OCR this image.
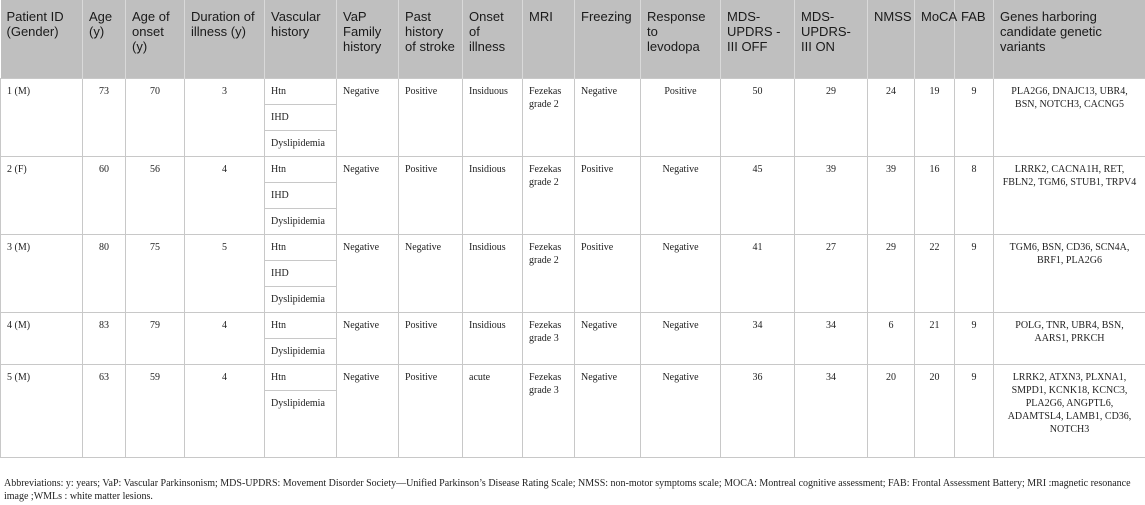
Patient ID (Gender)	Age (y)	Age of onset (y)	Duration of illness (y)	Vascular history	VaP Family history	Past history of stroke	Onset of illness	MRI	Freezing	Response to levodopa	MDS-UPDRS -III OFF	MDS-UPDRS-III ON	NMSS	MoCA	FAB	Genes harboring candidate genetic variants
1 (M)	73	70	3	Htn	Negative	Positive	Insiduous	Fezekas grade 2	Negative	Positive	50	29	24	19	9	PLA2G6, DNAJC13, UBR4, BSN, NOTCH3, CACNG5
				IHD												
				Dyslipidemia												
2 (F)	60	56	4	Htn	Negative	Positive	Insidious	Fezekas grade 2	Positive	Negative	45	39	39	16	8	LRRK2, CACNA1H, RET, FBLN2, TGM6, STUB1, TRPV4
				IHD												
				Dyslipidemia												
3 (M)	80	75	5	Htn	Negative	Negative	Insidious	Fezekas grade 2	Positive	Negative	41	27	29	22	9	TGM6, BSN, CD36, SCN4A, BRF1, PLA2G6
				IHD												
				Dyslipidemia												
4 (M)	83	79	4	Htn	Negative	Positive	Insidious	Fezekas grade 3	Negative	Negative	34	34	6	21	9	POLG, TNR, UBR4, BSN, AARS1, PRKCH
				Dyslipidemia												
5 (M)	63	59	4	Htn	Negative	Positive	acute	Fezekas grade 3	Negative	Negative	36	34	20	20	9	LRRK2, ATXN3, PLXNA1, SMPD1, KCNK18, KCNC3, PLA2G6, ANGPTL6, ADAMTSL4, LAMB1, CD36, NOTCH3
				Dyslipidemia												
Abbreviations: y: years; VaP: Vascular Parkinsonism; MDS-UPDRS: Movement Disorder Society—Unified Parkinson’s Disease Rating Scale; NMSS: non-motor symptoms scale; MOCA: Montreal cognitive assessment; FAB: Frontal Assessment Battery; MRI :magnetic resonance image ;WMLs : white matter lesions.
